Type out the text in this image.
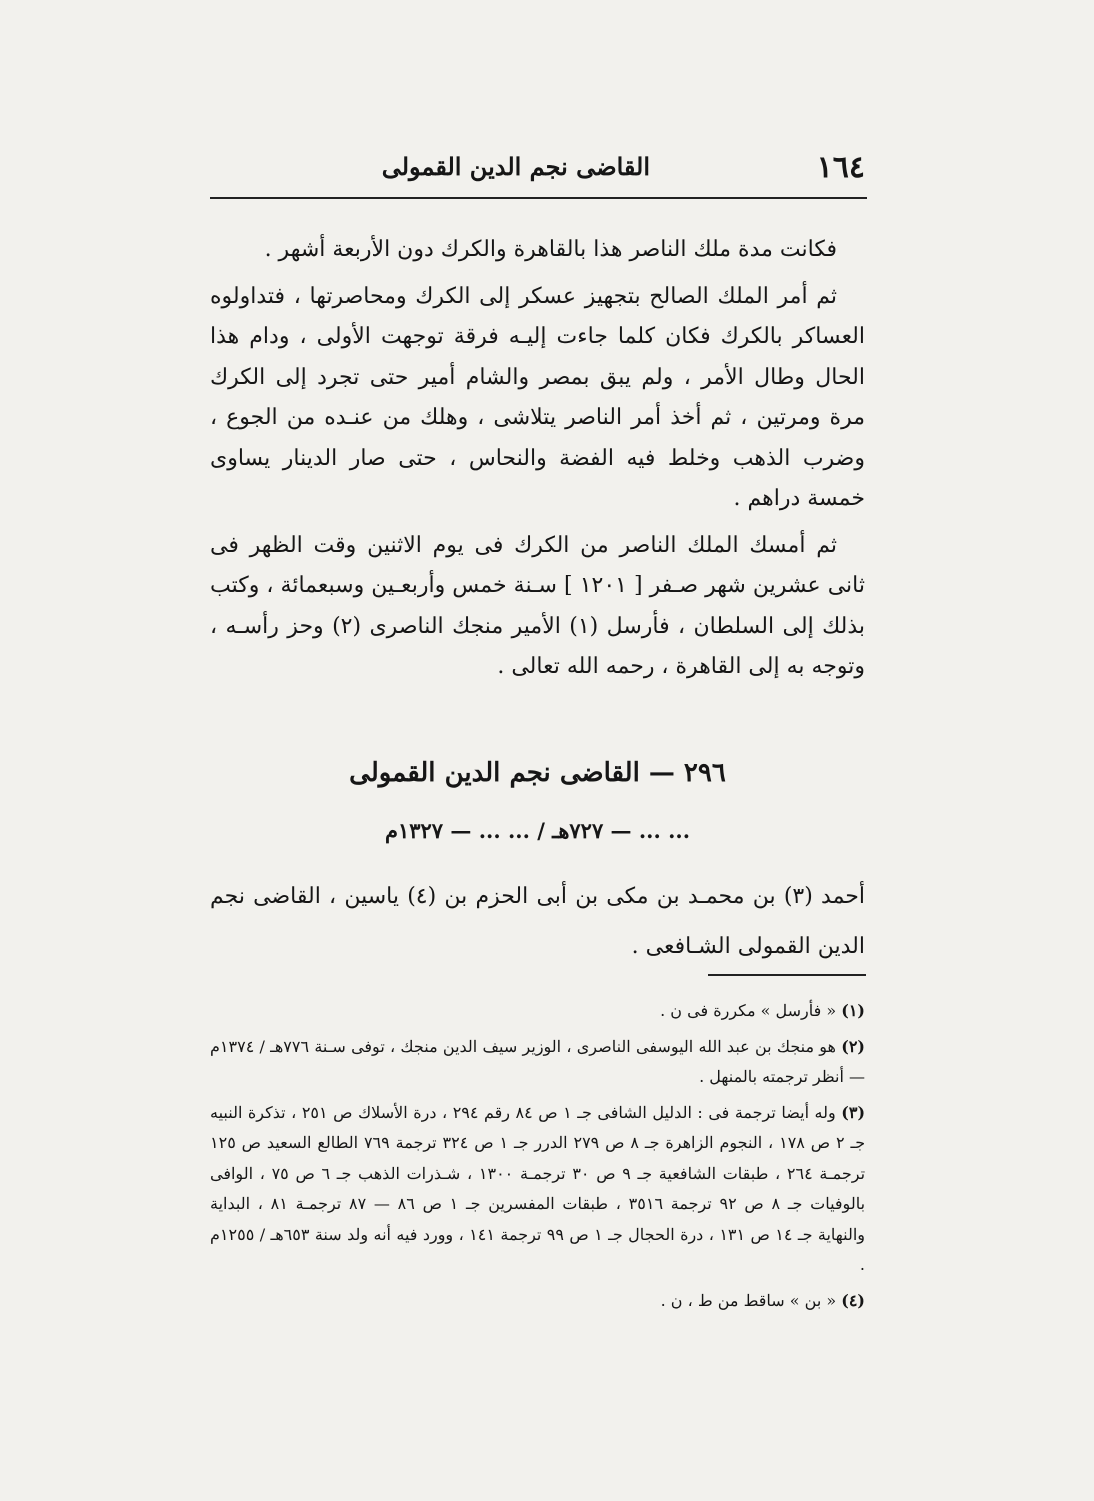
١٦٤
القاضى نجم الدين القمولى

فكانت مدة ملك الناصر هذا بالقاهرة والكرك دون الأربعة أشهر .

ثم أمر الملك الصالح بتجهيز عسكر إلى الكرك ومحاصرتها ، فتداولوه العساكر بالكرك فكان كلما جاءت إليـه فرقة توجهت الأولى ، ودام هذا الحال وطال الأمر ، ولم يبق بمصر والشام أمير حتى تجرد إلى الكرك مرة ومرتين ، ثم أخذ أمر الناصر يتلاشى ، وهلك من عنـده من الجوع ، وضرب الذهب وخلط فيه الفضة والنحاس ، حتى صار الدينار يساوى خمسة دراهم .

ثم أمسك الملك الناصر من الكرك فى يوم الاثنين وقت الظهر فى ثانى عشرين شهر صـفر [ ١٢٠١ ] سـنة خمس وأربعـين وسبعمائة ، وكتب بذلك إلى السلطان ، فأرسل (١) الأمير منجك الناصرى (٢) وحز رأسـه ، وتوجه به إلى القاهرة ، رحمه الله تعالى .

٢٩٦ — القاضى نجم الدين القمولى
... ... — ٧٢٧هـ / ... ... — ١٣٢٧م

أحمد (٣) بن محمـد بن مكى بن أبى الحزم بن (٤) ياسين ، القاضى نجم الدين القمولى الشـافعى .

(١) « فأرسل » مكررة فى ن .

(٢) هو منجك بن عبد الله اليوسفى الناصرى ، الوزير سيف الدين منجك ، توفى سـنة ٧٧٦هـ / ١٣٧٤م — أنظر ترجمته بالمنهل .

(٣) وله أيضا ترجمة فى : الدليل الشافى جـ ١ ص ٨٤ رقم ٢٩٤ ، درة الأسلاك ص ٢٥١ ، تذكرة النبيه جـ ٢ ص ١٧٨ ، النجوم الزاهرة جـ ٨ ص ٢٧٩ الدرر جـ ١ ص ٣٢٤ ترجمة ٧٦٩ الطالع السعيد ص ١٢٥ ترجمـة ٢٦٤ ، طبقات الشافعية جـ ٩ ص ٣٠ ترجمـة ١٣٠٠ ، شـذرات الذهب جـ ٦ ص ٧٥ ، الوافى بالوفيات جـ ٨ ص ٩٢ ترجمة ٣٥١٦ ، طبقات المفسرين جـ ١ ص ٨٦ — ٨٧ ترجمـة ٨١ ، البداية والنهاية جـ ١٤ ص ١٣١ ، درة الحجال جـ ١ ص ٩٩ ترجمة ١٤١ ، وورد فيه أنه ولد سنة ٦٥٣هـ / ١٢٥٥م .

(٤) « بن » ساقط من ط ، ن .
